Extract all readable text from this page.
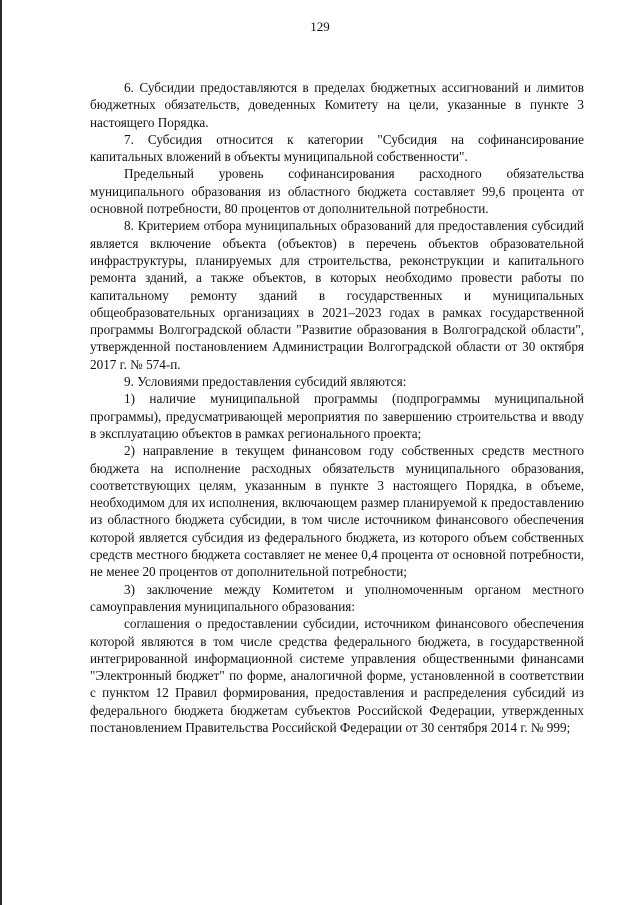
129

6. Субсидии предоставляются в пределах бюджетных ассигнований и лимитов бюджетных обязательств, доведенных Комитету на цели, указанные в пункте 3 настоящего Порядка.

7. Субсидия относится к категории "Субсидия на софинансирование капитальных вложений в объекты муниципальной собственности".

Предельный уровень софинансирования расходного обязательства муниципального образования из областного бюджета составляет 99,6 процента от основной потребности, 80 процентов от дополнительной потребности.

8. Критерием отбора муниципальных образований для предоставления субсидий является включение объекта (объектов) в перечень объектов образовательной инфраструктуры, планируемых для строительства, реконструкции и капитального ремонта зданий, а также объектов, в которых необходимо провести работы по капитальному ремонту зданий в государственных и муниципальных общеобразовательных организациях в 2021–2023 годах в рамках государственной программы Волгоградской области "Развитие образования в Волгоградской области", утвержденной постановлением Администрации Волгоградской области от 30 октября 2017 г. № 574-п.

9. Условиями предоставления субсидий являются:

1) наличие муниципальной программы (подпрограммы муниципальной программы), предусматривающей мероприятия по завершению строительства и вводу в эксплуатацию объектов в рамках регионального проекта;

2) направление в текущем финансовом году собственных средств местного бюджета на исполнение расходных обязательств муниципального образования, соответствующих целям, указанным в пункте 3 настоящего Порядка, в объеме, необходимом для их исполнения, включающем размер планируемой к предоставлению из областного бюджета субсидии, в том числе источником финансового обеспечения которой является субсидия из федерального бюджета, из которого объем собственных средств местного бюджета составляет не менее 0,4 процента от основной потребности, не менее 20 процентов от дополнительной потребности;

3) заключение между Комитетом и уполномоченным органом местного самоуправления муниципального образования:

соглашения о предоставлении субсидии, источником финансового обеспечения которой являются в том числе средства федерального бюджета, в государственной интегрированной информационной системе управления общественными финансами "Электронный бюджет" по форме, аналогичной форме, установленной в соответствии с пунктом 12 Правил формирования, предоставления и распределения субсидий из федерального бюджета бюджетам субъектов Российской Федерации, утвержденных постановлением Правительства Российской Федерации от 30 сентября 2014 г. № 999;
